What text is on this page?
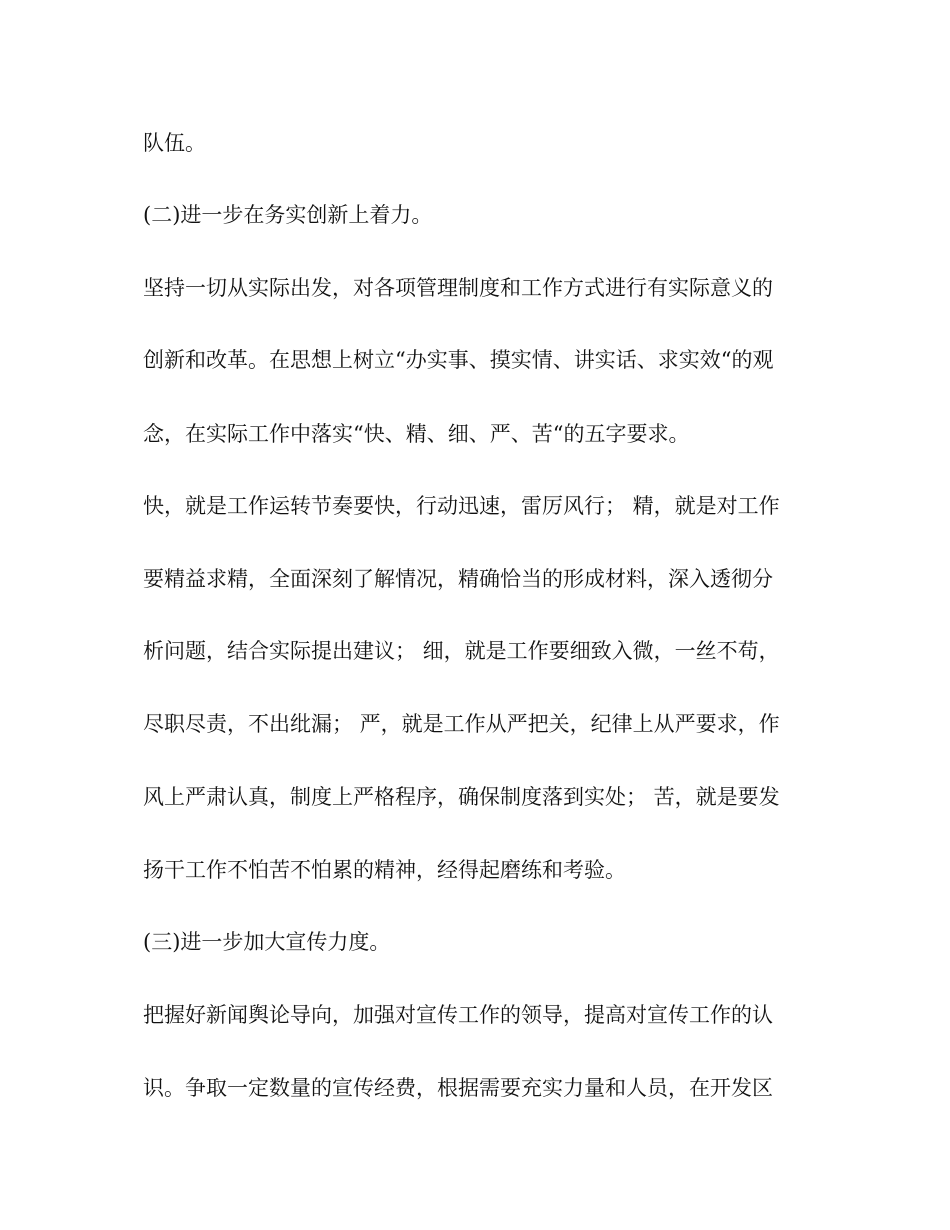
队伍。
(二)进一步在务实创新上着力。
坚持一切从实际出发，对各项管理制度和工作方式进行有实际意义的
创新和改革。在思想上树立“办实事、摸实情、讲实话、求实效“的观
念，在实际工作中落实“快、精、细、严、苦“的五字要求。
快，就是工作运转节奏要快，行动迅速，雷厉风行； 精，就是对工作
要精益求精，全面深刻了解情况，精确恰当的形成材料，深入透彻分
析问题，结合实际提出建议； 细，就是工作要细致入微，一丝不苟，
尽职尽责，不出纰漏； 严，就是工作从严把关，纪律上从严要求，作
风上严肃认真，制度上严格程序，确保制度落到实处； 苦，就是要发
扬干工作不怕苦不怕累的精神，经得起磨练和考验。
(三)进一步加大宣传力度。
把握好新闻舆论导向，加强对宣传工作的领导，提高对宣传工作的认
识。争取一定数量的宣传经费，根据需要充实力量和人员，在开发区
